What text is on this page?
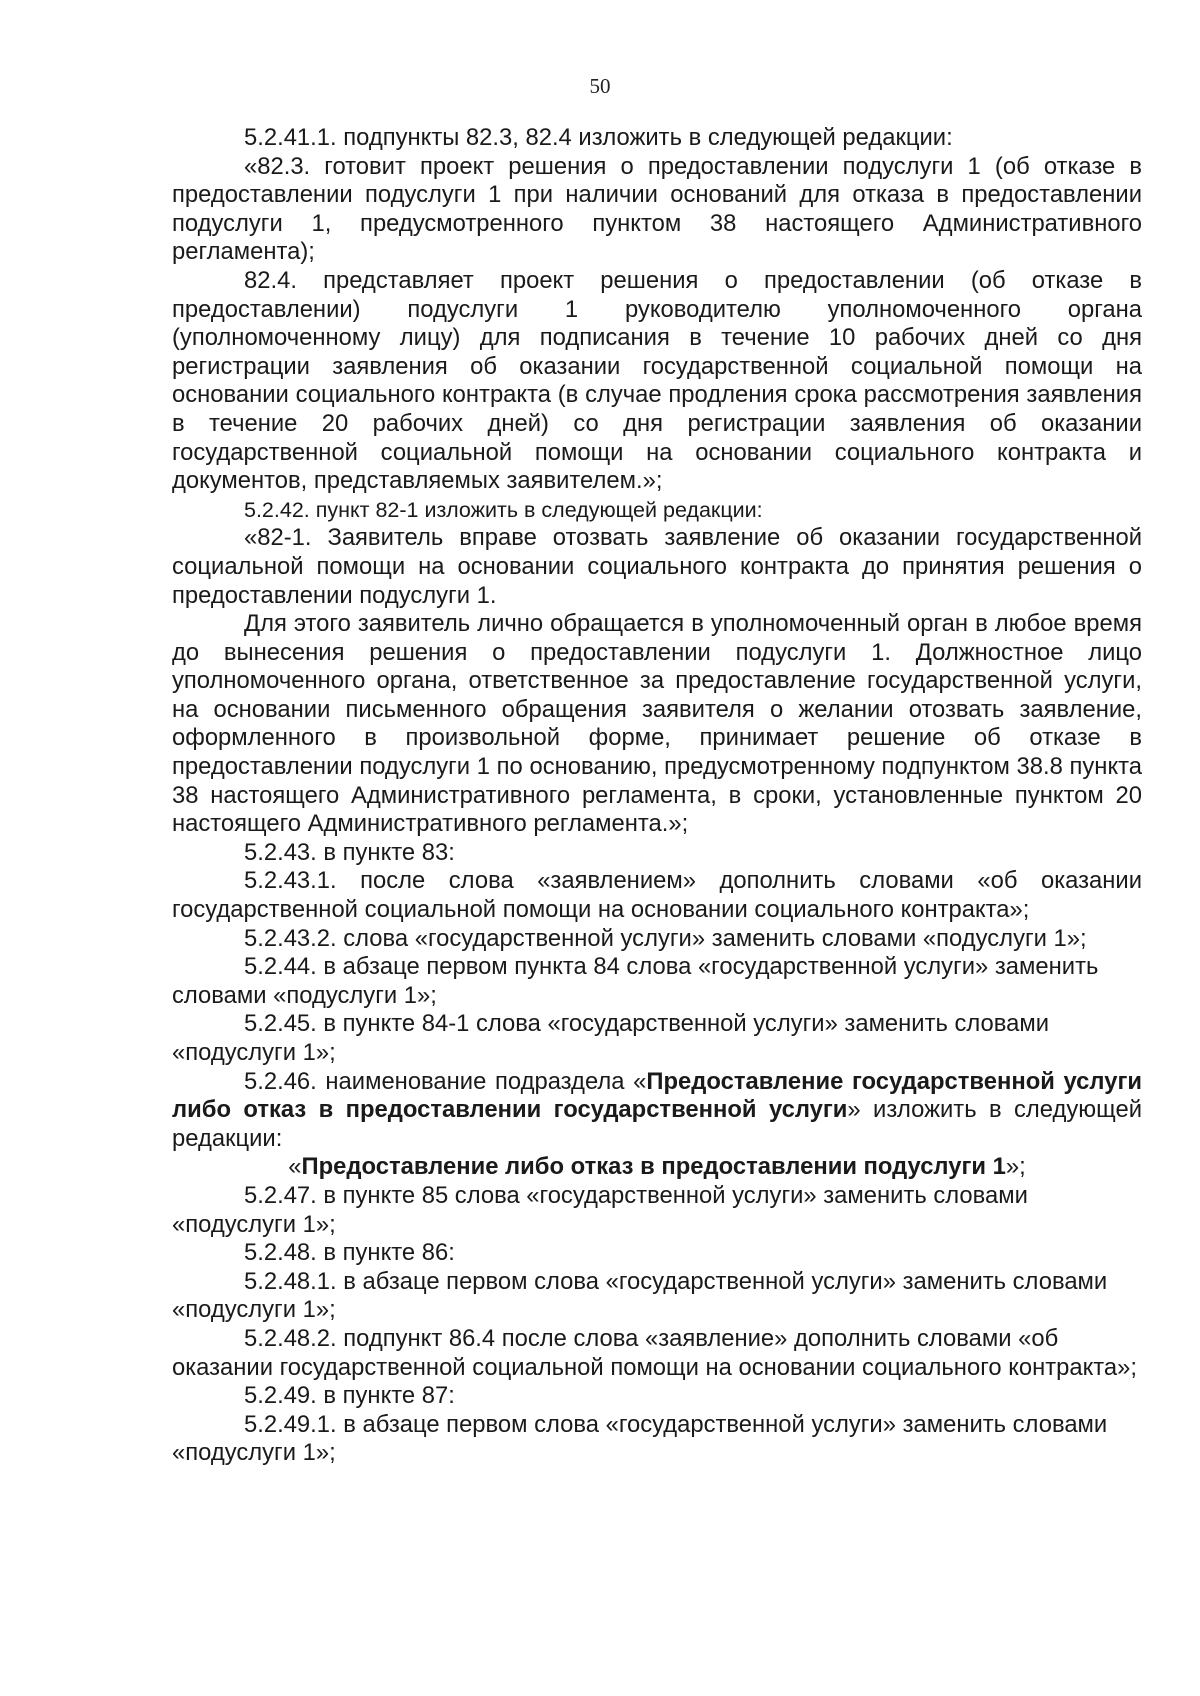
50

5.2.41.1. подпункты 82.3, 82.4 изложить в следующей редакции:

«82.3. готовит проект решения о предоставлении подуслуги 1 (об отказе в предоставлении подуслуги 1 при наличии оснований для отказа в предоставлении подуслуги 1, предусмотренного пунктом 38 настоящего Административного регламента);

82.4. представляет проект решения о предоставлении (об отказе в предоставлении) подуслуги 1 руководителю уполномоченного органа (уполномоченному лицу) для подписания в течение 10 рабочих дней со дня регистрации заявления об оказании государственной социальной помощи на основании социального контракта (в случае продления срока рассмотрения заявления в течение 20 рабочих дней) со дня регистрации заявления об оказании государственной социальной помощи на основании социального контракта и документов, представляемых заявителем.»;

5.2.42. пункт 82-1 изложить в следующей редакции:

«82-1. Заявитель вправе отозвать заявление об оказании государственной социальной помощи на основании социального контракта до принятия решения о предоставлении подуслуги 1.

Для этого заявитель лично обращается в уполномоченный орган в любое время до вынесения решения о предоставлении подуслуги 1. Должностное лицо уполномоченного органа, ответственное за предоставление государственной услуги, на основании письменного обращения заявителя о желании отозвать заявление, оформленного в произвольной форме, принимает решение об отказе в предоставлении подуслуги 1 по основанию, предусмотренному подпунктом 38.8 пункта 38 настоящего Административного регламента, в сроки, установленные пунктом 20 настоящего Административного регламента.»;

5.2.43. в пункте 83:

5.2.43.1. после слова «заявлением» дополнить словами «об оказании государственной социальной помощи на основании социального контракта»;

5.2.43.2. слова «государственной услуги» заменить словами «подуслуги 1»;

5.2.44. в абзаце первом пункта 84 слова «государственной услуги» заменить словами «подуслуги 1»;

5.2.45. в пункте 84-1 слова «государственной услуги» заменить словами «подуслуги 1»;

5.2.46. наименование подраздела «Предоставление государственной услуги либо отказ в предоставлении государственной услуги» изложить в следующей редакции:

«Предоставление либо отказ в предоставлении подуслуги 1»;

5.2.47. в пункте 85 слова «государственной услуги» заменить словами «подуслуги 1»;

5.2.48. в пункте 86:

5.2.48.1. в абзаце первом слова «государственной услуги» заменить словами «подуслуги 1»;

5.2.48.2. подпункт 86.4 после слова «заявление» дополнить словами «об оказании государственной социальной помощи на основании социального контракта»;

5.2.49. в пункте 87:

5.2.49.1. в абзаце первом слова «государственной услуги» заменить словами «подуслуги 1»;
